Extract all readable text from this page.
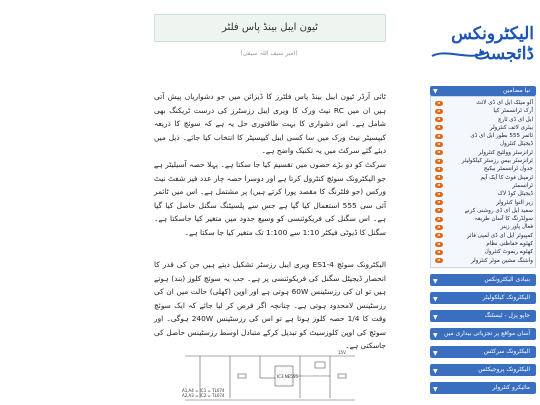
ٹیون ایبل بینڈ پاس فلٹر
(امیر سیف اللہ سیفی)
ٹائی آرڈر ٹیون ایبل بینڈ پاس فلٹرز کا ڈیزائن میں جو دشواریاں پیش آتی ہیں ان میں RC نیٹ ورک کا ویری ایبل رزسٹرز کی درست ٹریکنگ بھی شامل ہے۔ اس دشواری کا بہت طاقتوری حل یہ ہے کہ سوئچ کا ذریعہ کیپسیٹر نیٹ ورک میں سا کسی ایبل کیپسیٹر کا انتخاب کیا جائے۔ ذیل میں دیئے گئے سرکٹ میں یہ تکنیک واضح ہے۔
سرکٹ کو دو بڑے حصوں میں تقسیم کیا جا سکتا ہے۔ پہلا حصہ آسیلیٹر ہے جو الیکٹرونک سوئچ کنٹرول کرتا ہے اور دوسرا حصہ چار عدد فیز شفٹ نیٹ ورکس (جو فلٹرنگ کا مقصد پورا کرتے ہیں) پر مشتمل ہے۔ اس میں ٹائمر آئی سی 555 استعمال کیا گیا ہے جس سے پلسیٹنگ سگنل حاصل کیا گیا ہے۔ اس سگنل کی فریکوئنسی کو وسیع حدود میں متغیر کیا جاسکتا ہے۔ سگنل کا ڈیوٹی فیکٹر 1:10 سے 1:100 تک متغیر کیا جا سکتا ہے۔
الیکٹرونک سوئچ ES1-4 ویری ایبل رزسٹر تشکیل دیتے ہیں جن کی قدر کا انحصار ڈیجیٹل سگنل کی فریکوئنسی پر ہے۔ جب یہ سوئچ کلوز (بند) ہوتے ہیں تو ان کی رزسٹینس 60W ہوتی ہے اور اوپن (کھلی) حالت میں ان کی رزسٹینس لامحدود ہوتی ہے۔ چنانچہ اگر فرض کر لیا جائے کہ ایک سوئچ وقت کا 1/4 حصہ کلوز ہوتا ہے تو اس کی رزسٹینس 240W ہوگی۔ اور سوئچ کی اوپن کلوزسیٹ کو تبدیل کرکے متبادل اوسط رزسٹینس حاصل کی جاسکتی ہے۔
IC3 NE555
15V
A1,A4 = IC1 = TL074
A2,A3 = IC2 = TL074
الیکٹرونکس ڈائجسٹ
▼	نیا مضامین
آلو میٹک ایل ای ڈی لائٹ
آرک ٹرانسمٹر کیا
ایل ای ڈی ٹارچ
بیٹری لائف کنٹرولر
ٹائمر 555 بطور ایل ای ڈی
ڈیجیٹل کنٹرول
ٹرانزسٹر وولٹیج کنٹرولر
ٹرانزسٹر بیس رزسٹر کیلکولیٹر
جدول ٹرانسمٹر بیکیج
ٹرمینل فوٹ کا آیک آیم
ٹرانسمٹر
ڈیجیٹل کوڈ لاک
زیر التوا کنٹرولر
سفید ایل ای ڈی روشنی کرنے
سولڈرنگ کا آسان طریقہ
فعال پاور زینر
کمپیوٹر ایل ای ڈی لمپی فائر
کھٹوے حفاظتی نظام
کھٹوے ریموٹ کنٹرول
واشنگ مشین موٹر کنٹرولر
▼	بنیادی الیکٹرونکس
▼	الیکٹرونک کیلکولیٹر
▼	جاپو پزل - ٹیسٹنگ
▼ آسان مواقع پر تجزیاتی بیداری میں
▼	الیکٹرونک سرکٹس
▼	الیکٹرونک پروجیکٹس
▼	مائیکرو کنٹرولر
